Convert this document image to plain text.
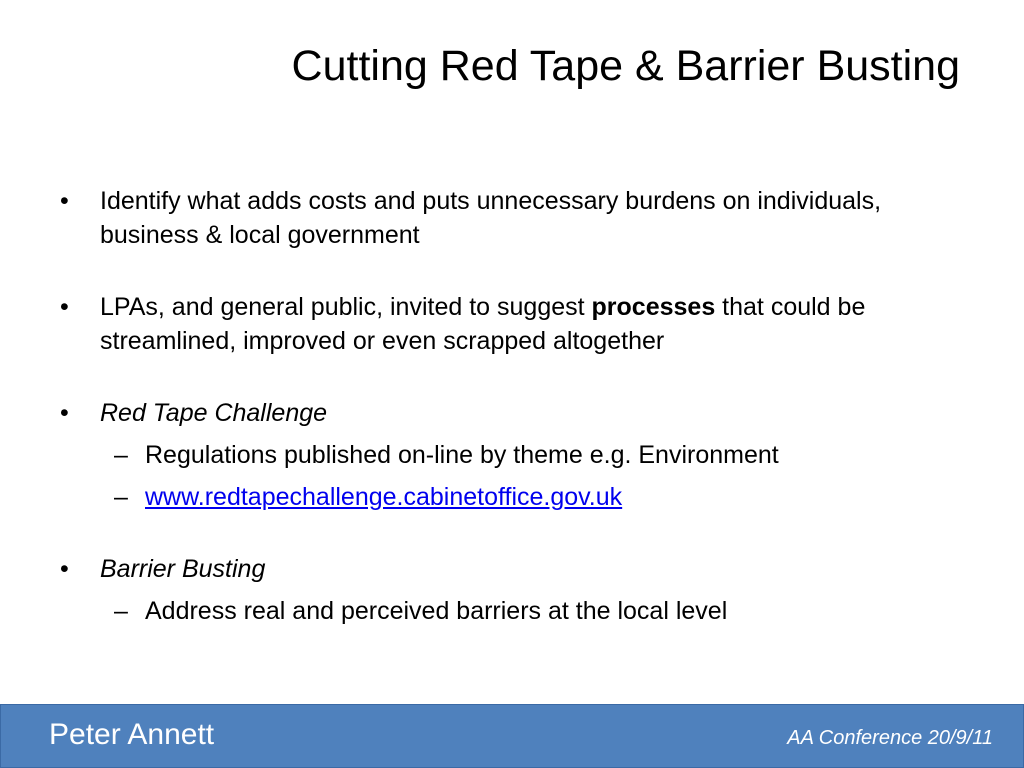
Cutting Red Tape & Barrier Busting
• Identify what adds costs and puts unnecessary burdens on individuals, business & local government
• LPAs, and general public, invited to suggest processes that could be streamlined, improved or even scrapped altogether
• Red Tape Challenge
– Regulations published on-line by theme e.g. Environment
– www.redtapechallenge.cabinetoffice.gov.uk
• Barrier Busting
– Address real and perceived barriers at the local level
Peter Annett	AA Conference 20/9/11
